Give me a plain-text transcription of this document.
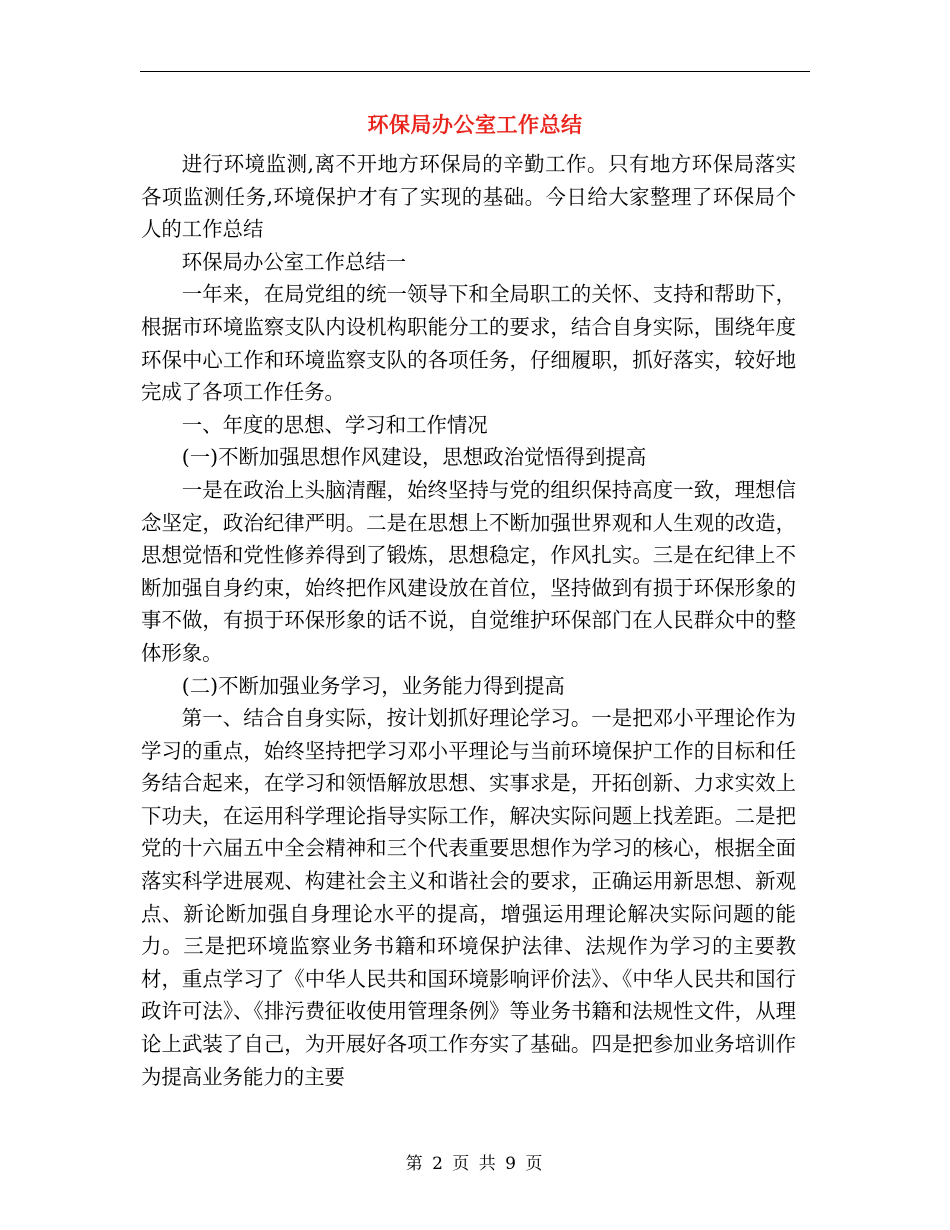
环保局办公室工作总结

进行环境监测,离不开地方环保局的辛勤工作。只有地方环保局落实各项监测任务,环境保护才有了实现的基础。今日给大家整理了环保局个人的工作总结

环保局办公室工作总结一

一年来，在局党组的统一领导下和全局职工的关怀、支持和帮助下，根据市环境监察支队内设机构职能分工的要求，结合自身实际，围绕年度环保中心工作和环境监察支队的各项任务，仔细履职，抓好落实，较好地完成了各项工作任务。

一、年度的思想、学习和工作情况

(一)不断加强思想作风建设，思想政治觉悟得到提高

一是在政治上头脑清醒，始终坚持与党的组织保持高度一致，理想信念坚定，政治纪律严明。二是在思想上不断加强世界观和人生观的改造，思想觉悟和党性修养得到了锻炼，思想稳定，作风扎实。三是在纪律上不断加强自身约束，始终把作风建设放在首位，坚持做到有损于环保形象的事不做，有损于环保形象的话不说，自觉维护环保部门在人民群众中的整体形象。

(二)不断加强业务学习，业务能力得到提高

第一、结合自身实际，按计划抓好理论学习。一是把邓小平理论作为学习的重点，始终坚持把学习邓小平理论与当前环境保护工作的目标和任务结合起来，在学习和领悟解放思想、实事求是，开拓创新、力求实效上下功夫，在运用科学理论指导实际工作，解决实际问题上找差距。二是把党的十六届五中全会精神和三个代表重要思想作为学习的核心，根据全面落实科学进展观、构建社会主义和谐社会的要求，正确运用新思想、新观点、新论断加强自身理论水平的提高，增强运用理论解决实际问题的能力。三是把环境监察业务书籍和环境保护法律、法规作为学习的主要教材，重点学习了《中华人民共和国环境影响评价法》、《中华人民共和国行政许可法》、《排污费征收使用管理条例》等业务书籍和法规性文件，从理论上武装了自己，为开展好各项工作夯实了基础。四是把参加业务培训作为提高业务能力的主要

第 2 页 共 9 页
